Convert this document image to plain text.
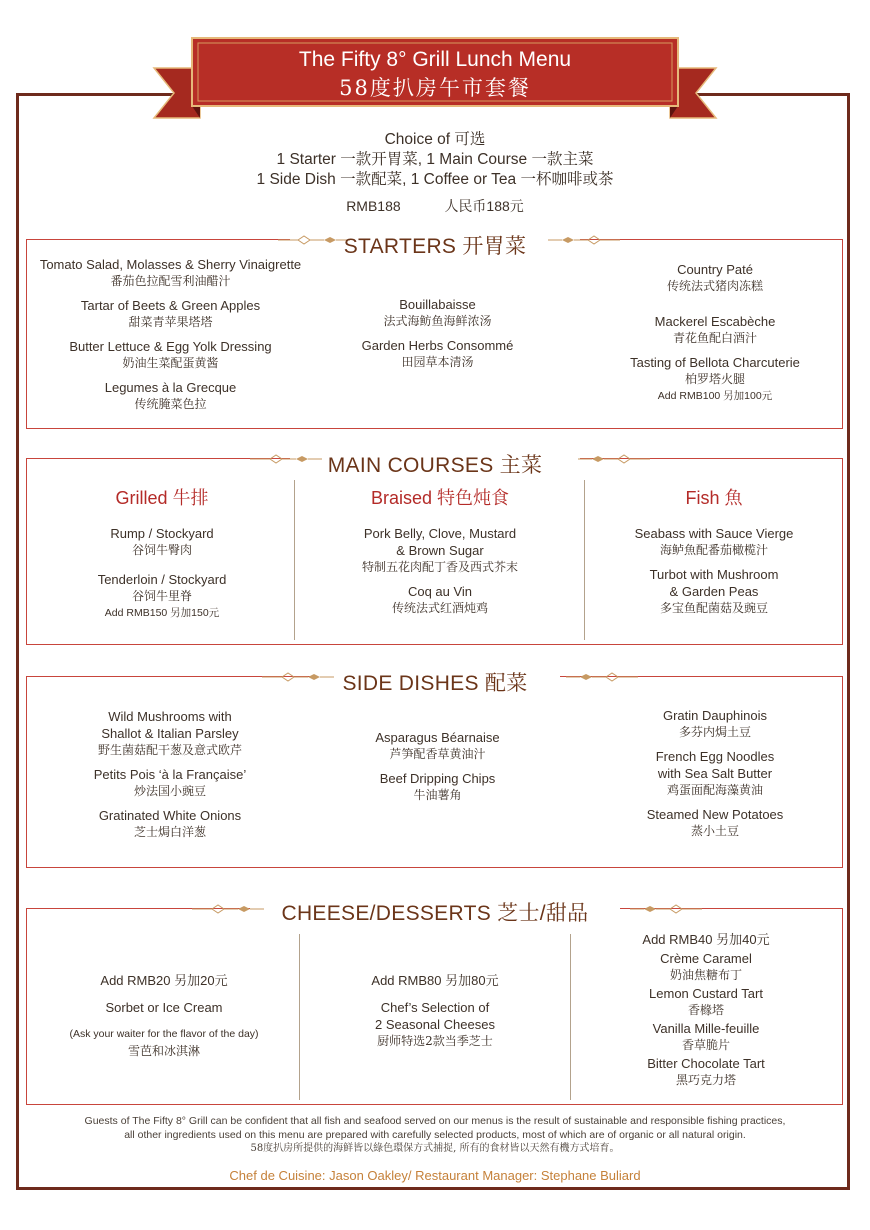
The Fifty 8° Grill Lunch Menu
58度扒房午市套餐
Choice of 可选
1 Starter 一款开胃菜, 1 Main Course 一款主菜
1 Side Dish 一款配菜, 1 Coffee or Tea 一杯咖啡或茶
RMB188	人民币188元
STARTERS 开胃菜
Tomato Salad, Molasses & Sherry Vinaigrette
番茄色拉配雪利油醋汁
Tartar of Beets & Green Apples
甜菜青苹果塔塔
Butter Lettuce & Egg Yolk Dressing
奶油生菜配蛋黄酱
Legumes à la Grecque
传统腌菜色拉
Bouillabaisse
法式海鲂鱼海鲜浓汤
Garden Herbs Consommé
田园草本清汤
Country Paté
传统法式猪肉冻糕
Mackerel Escabèche
青花鱼配白酒汁
Tasting of Bellota Charcuterie
柏罗塔火腿
Add RMB100 另加100元
MAIN COURSES 主菜
Grilled 牛排
Rump / Stockyard
谷饲牛臀肉
Tenderloin / Stockyard
谷饲牛里脊
Add RMB150 另加150元
Braised 特色炖食
Pork Belly, Clove, Mustard
& Brown Sugar
特制五花肉配丁香及西式芥末
Coq au Vin
传统法式红酒炖鸡
Fish 魚
Seabass with Sauce Vierge
海鲈魚配番茄橄榄汁
Turbot with Mushroom
& Garden Peas
多宝鱼配菌菇及豌豆
SIDE DISHES 配菜
Wild Mushrooms with
Shallot & Italian Parsley
野生菌菇配干葱及意式欧芹
Petits Pois ‘à la Française’
炒法国小豌豆
Gratinated White Onions
芝士焗白洋葱
Asparagus Béarnaise
芦笋配香草黄油汁
Beef Dripping Chips
牛油薯角
Gratin Dauphinois
多芬内焗土豆
French Egg Noodles
with Sea Salt Butter
鸡蛋面配海藻黄油
Steamed New Potatoes
蒸小土豆
CHEESE/DESSERTS 芝士/甜品
Add RMB20 另加20元
Sorbet or Ice Cream
(Ask your waiter for the flavor of the day)
雪芭和冰淇淋
Add RMB80 另加80元
Chef’s Selection of
2 Seasonal Cheeses
厨师特选2款当季芝士
Add RMB40 另加40元
Crème Caramel
奶油焦糖布丁
Lemon Custard Tart
香橼塔
Vanilla Mille-feuille
香草脆片
Bitter Chocolate Tart
黑巧克力塔
Guests of The Fifty 8° Grill can be confident that all fish and seafood served on our menus is the result of sustainable and responsible fishing practices,
all other ingredients used on this menu are prepared with carefully selected products, most of which are of organic or all natural origin.
58度扒房所提供的海鲜皆以綠色環保方式捕捉, 所有的食材皆以天然有機方式培育。
Chef de Cuisine: Jason Oakley/ Restaurant Manager: Stephane Buliard
